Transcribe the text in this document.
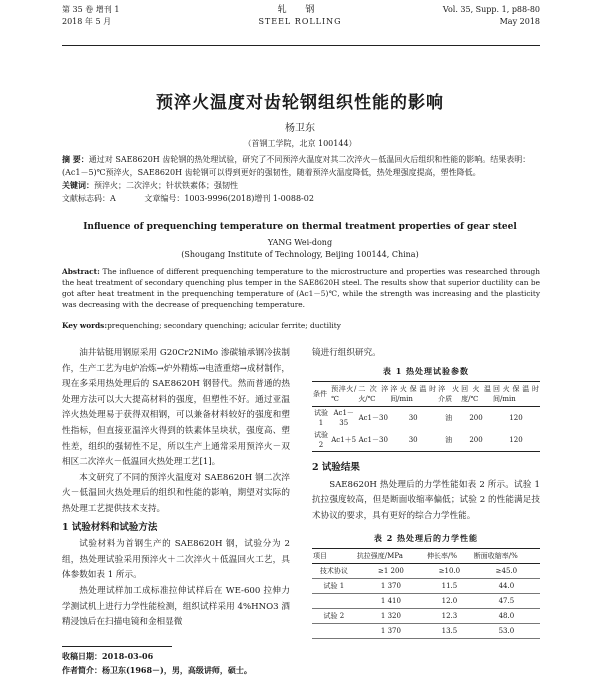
第 35 卷 增刊 1
2018 年 5 月
轧 钢
STEEL ROLLING
Vol. 35, Supp. 1, p88-80
May 2018
预淬火温度对齿轮钢组织性能的影响
杨卫东
（首钢工学院，北京 100144）
摘 要：通过对 SAE8620H 齿轮钢的热处理试验，研究了不同预淬火温度对其二次淬火－低温回火后组织和性能的影响。结果表明：(Ac1－5)℃预淬火，SAE8620H 齿轮钢可以得到更好的强韧性，随着预淬火温度降低，热处理强度提高，塑性降低。
关键词：预淬火；二次淬火；针状铁素体；强韧性
文献标志码：A	文章编号：1003-9996(2018)增刊 1-0088-02
Influence of prequenching temperature on thermal treatment properties of gear steel
YANG Wei-dong
(Shougang Institute of Technology, Beijing 100144, China)
Abstract: The influence of different prequenching temperature to the microstructure and properties was researched through the heat treatment of secondary quenching plus temper in the SAE8620H steel. The results show that superior ductility can be got after heat treatment in the prequenching temperature of (Ac1－5)℃, while the strength was increasing and the plasticity was decreasing with the decrease of prequenching temperature.
Key words:prequenching; secondary quenching; acicular ferrite; ductility

油井钻铤用钢原采用 G20Cr2NiMo 渗碳轴承钢冷拔制作，生产工艺为电炉冶炼→炉外精炼→电渣重熔→成材制作，现在多采用热处理后的 SAE8620H 钢替代。然而普通的热处理方法可以大大提高材料的强度，但塑性不好。通过亚温淬火热处理易于获得双相钢，可以兼备材料较好的强度和塑性指标，但直接亚温淬火得到的铁素体呈块状，强度高、塑性差，组织的强韧性不足，所以生产上通常采用预淬火－双相区二次淬火－低温回火热处理工艺[1]。

本文研究了不同的预淬火温度对 SAE8620H 钢二次淬火－低温回火热处理后的组织和性能的影响，期望对实际的热处理工艺提供技术支持。

1 试验材料和试验方法

试验材料为首钢生产的 SAE8620H 钢，试验分为 2 组，热处理试验采用预淬火＋二次淬火＋低温回火工艺，具体参数如表 1 所示。

热处理试样加工成标准拉伸试样后在 WE-600 拉伸力学测试机上进行力学性能检测，组织试样采用 4%HNO3 酒精浸蚀后在扫描电镜和金相显微

镜进行组织研究。
表 1 热处理试验参数
条件	预淬火/℃	二次淬火/℃	淬火保温时间/min	淬火介质	回火温度/℃	回火保温时间/min
试验 1	Ac1－35	Ac1－30	30	油	200	120
试验 2	Ac1＋5	Ac1－30	30	油	200	120
2 试验结果

SAE8620H 热处理后的力学性能如表 2 所示。试验 1 抗拉强度较高，但是断面收缩率偏低；试验 2 的性能满足技术协议的要求，具有更好的综合力学性能。

表 2 热处理后的力学性能
项目	抗拉强度/MPa	伸长率/%	断面收缩率/%
技术协议	≥1 200	≥10.0	≥45.0
试验 1	1 370	11.5	44.0
	1 410	12.0	47.5
试验 2	1 320	12.3	48.0
	1 370	13.5	53.0
收稿日期：2018-03-06
作者简介：杨卫东(1968－)，男，高级讲师，硕士。
